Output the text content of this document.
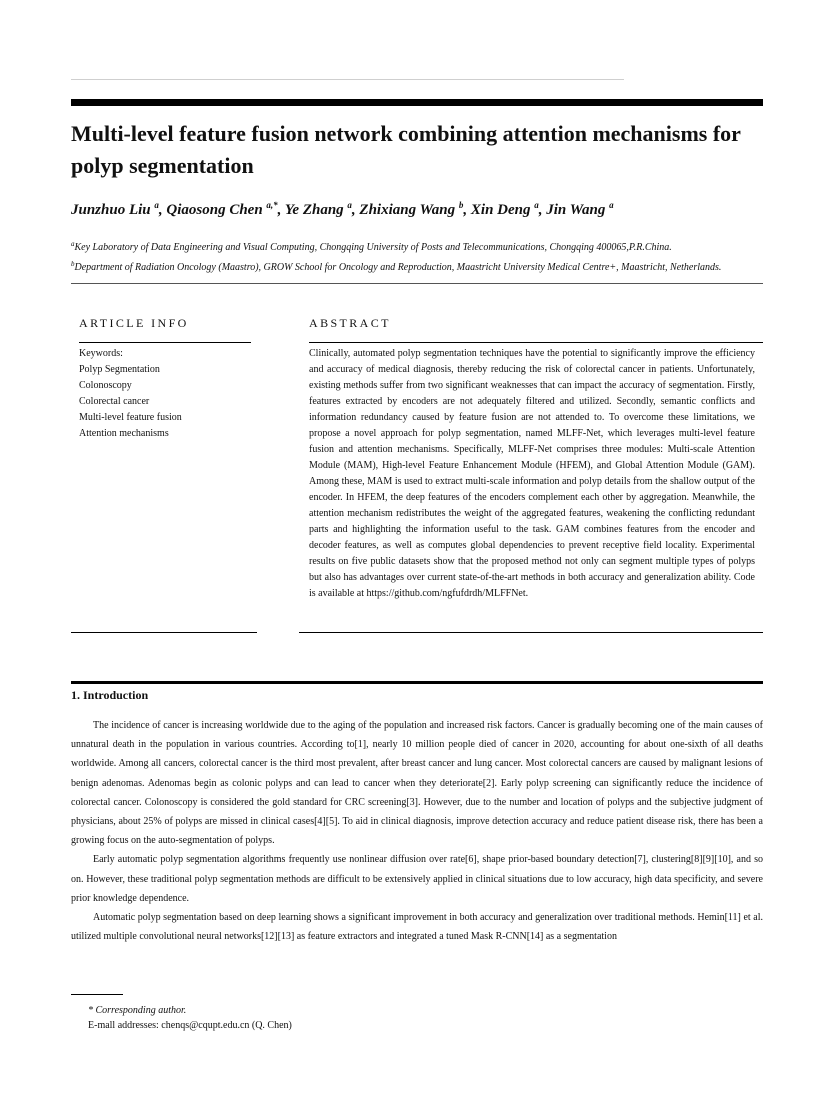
Multi-level feature fusion network combining attention mechanisms for polyp segmentation
Junzhuo Liu $^a$, Qiaosong Chen $^{a,*}$, Ye Zhang $^a$, Zhixiang Wang $^b$, Xin Deng $^a$, Jin Wang $^a$
$^a$Key Laboratory of Data Engineering and Visual Computing, Chongqing University of Posts and Telecommunications, Chongqing 400065,P.R.China.
$^b$Department of Radiation Oncology (Maastro), GROW School for Oncology and Reproduction, Maastricht University Medical Centre+, Maastricht, Netherlands.
ARTICLE INFO
Keywords:
Polyp Segmentation
Colonoscopy
Colorectal cancer
Multi-level feature fusion
Attention mechanisms
ABSTRACT

Clinically, automated polyp segmentation techniques have the potential to significantly improve the efficiency and accuracy of medical diagnosis, thereby reducing the risk of colorectal cancer in patients. Unfortunately, existing methods suffer from two significant weaknesses that can impact the accuracy of segmentation. Firstly, features extracted by encoders are not adequately filtered and utilized. Secondly, semantic conflicts and information redundancy caused by feature fusion are not attended to. To overcome these limitations, we propose a novel approach for polyp segmentation, named MLFF-Net, which leverages multi-level feature fusion and attention mechanisms. Specifically, MLFF-Net comprises three modules: Multi-scale Attention Module (MAM), High-level Feature Enhancement Module (HFEM), and Global Attention Module (GAM). Among these, MAM is used to extract multi-scale information and polyp details from the shallow output of the encoder. In HFEM, the deep features of the encoders complement each other by aggregation. Meanwhile, the attention mechanism redistributes the weight of the aggregated features, weakening the conflicting redundant parts and highlighting the information useful to the task. GAM combines features from the encoder and decoder features, as well as computes global dependencies to prevent receptive field locality. Experimental results on five public datasets show that the proposed method not only can segment multiple types of polyps but also has advantages over current state-of-the-art methods in both accuracy and generalization ability. Code is available at https://github.com/ngfufdrdh/MLFFNet.

1. Introduction

The incidence of cancer is increasing worldwide due to the aging of the population and increased risk factors. Cancer is gradually becoming one of the main causes of unnatural death in the population in various countries. According to[1], nearly 10 million people died of cancer in 2020, accounting for about one-sixth of all deaths worldwide. Among all cancers, colorectal cancer is the third most prevalent, after breast cancer and lung cancer. Most colorectal cancers are caused by malignant lesions of benign adenomas. Adenomas begin as colonic polyps and can lead to cancer when they deteriorate[2]. Early polyp screening can significantly reduce the incidence of colorectal cancer. Colonoscopy is considered the gold standard for CRC screening[3]. However, due to the number and location of polyps and the subjective judgment of physicians, about 25% of polyps are missed in clinical cases[4][5]. To aid in clinical diagnosis, improve detection accuracy and reduce patient disease risk, there has been a growing focus on the auto-segmentation of polyps.

Early automatic polyp segmentation algorithms frequently use nonlinear diffusion over rate[6], shape prior-based boundary detection[7], clustering[8][9][10], and so on. However, these traditional polyp segmentation methods are difficult to be extensively applied in clinical situations due to low accuracy, high data specificity, and severe prior knowledge dependence.

Automatic polyp segmentation based on deep learning shows a significant improvement in both accuracy and generalization over traditional methods. Hemin[11] et al. utilized multiple convolutional neural networks[12][13] as feature extractors and integrated a tuned Mask R-CNN[14] as a segmentation

* Corresponding author.
E-mall addresses: chenqs@cqupt.edu.cn (Q. Chen)
